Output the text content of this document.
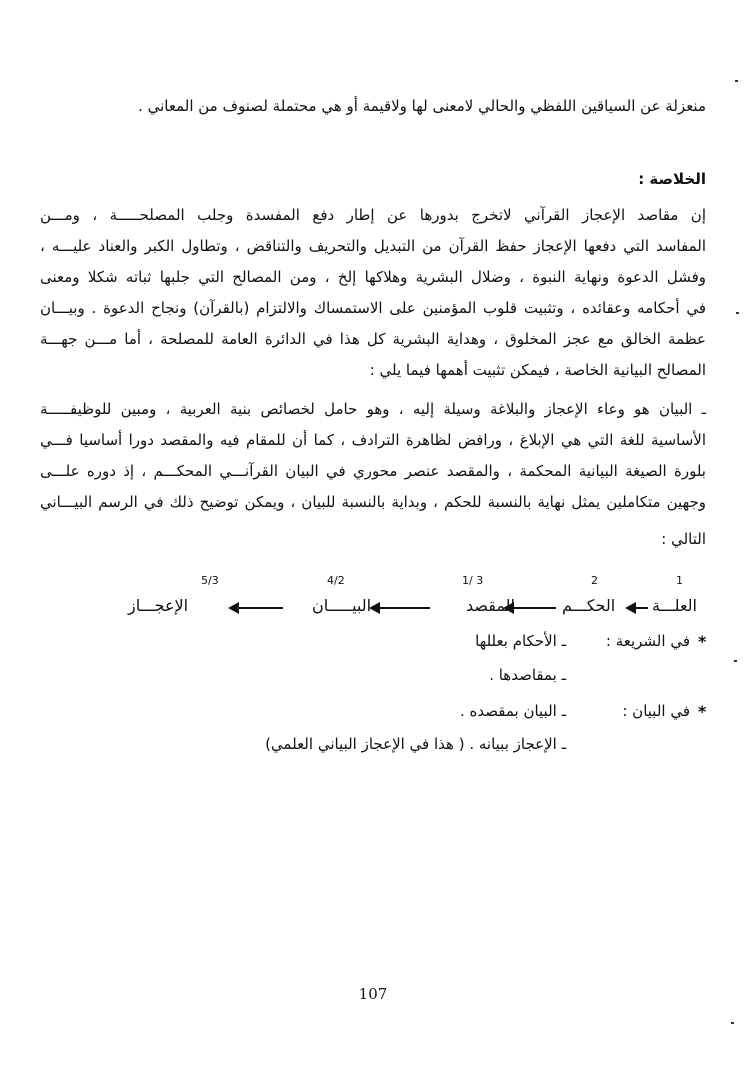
منعزلة عن السياقين اللفظي والحالي لامعنى لها ولاقيمة أو هي محتملة لصنوف من المعاني .
الخلاصة :
إن مقاصد الإعجاز القرآني لاتخرج بدورها عن إطار دفع المفسدة وجلب المصلحـــــة ، ومـــن
المفاسد التي دفعها الإعجاز حفظ القرآن من التبديل والتحريف والتناقض ، وتطاول الكبر والعناد عليـــه ،
وفشل الدعوة ونهاية النبوة ، وضلال البشرية وهلاكها إلخ ، ومن المصالح التي جلبها ثباته شكلا ومعنى
في أحكامه وعقائده ، وتثبيت قلوب المؤمنين على الاستمساك والالتزام (بالقرآن) ونجاح الدعوة . وبيـــان
عظمة الخالق مع عجز المخلوق ، وهداية البشرية كل هذا في الدائرة العامة للمصلحة ، أما مـــن جهـــة
المصالح البيانية الخاصة ، فيمكن تثبيت أهمها فيما يلي :
ـ البيان هو وعاء الإعجاز والبلاغة وسيلة إليه ، وهو حامل لخصائص بنية العربية ، ومبين للوظيفـــــة
الأساسية للغة التي هي الإبلاغ ، ورافض لظاهرة الترادف ، كما أن للمقام فيه والمقصد دورا أساسيا فـــي
بلورة الصيغة البيانية المحكمة ، والمقصد عنصر محوري في البيان القرآنـــي المحكـــم ، إذ دوره علـــى
وجهين متكاملين يمثل نهاية بالنسبة للحكم ، وبداية بالنسبة للبيان ، ويمكن توضيح ذلك في الرسم البيـــاني
التالي :
1
2
1/ 3
4/2
5/3
العلـــة
الحكـــم
المقصد
البيـــــان
الإعجـــاز
*
في الشريعة :
ـ الأحكام بعللها
ـ بمقاصدها .
*
في البيان :
ـ البيان بمقصده .
ـ الإعجاز ببيانه . ( هذا في الإعجاز البياني العلمي)
107
